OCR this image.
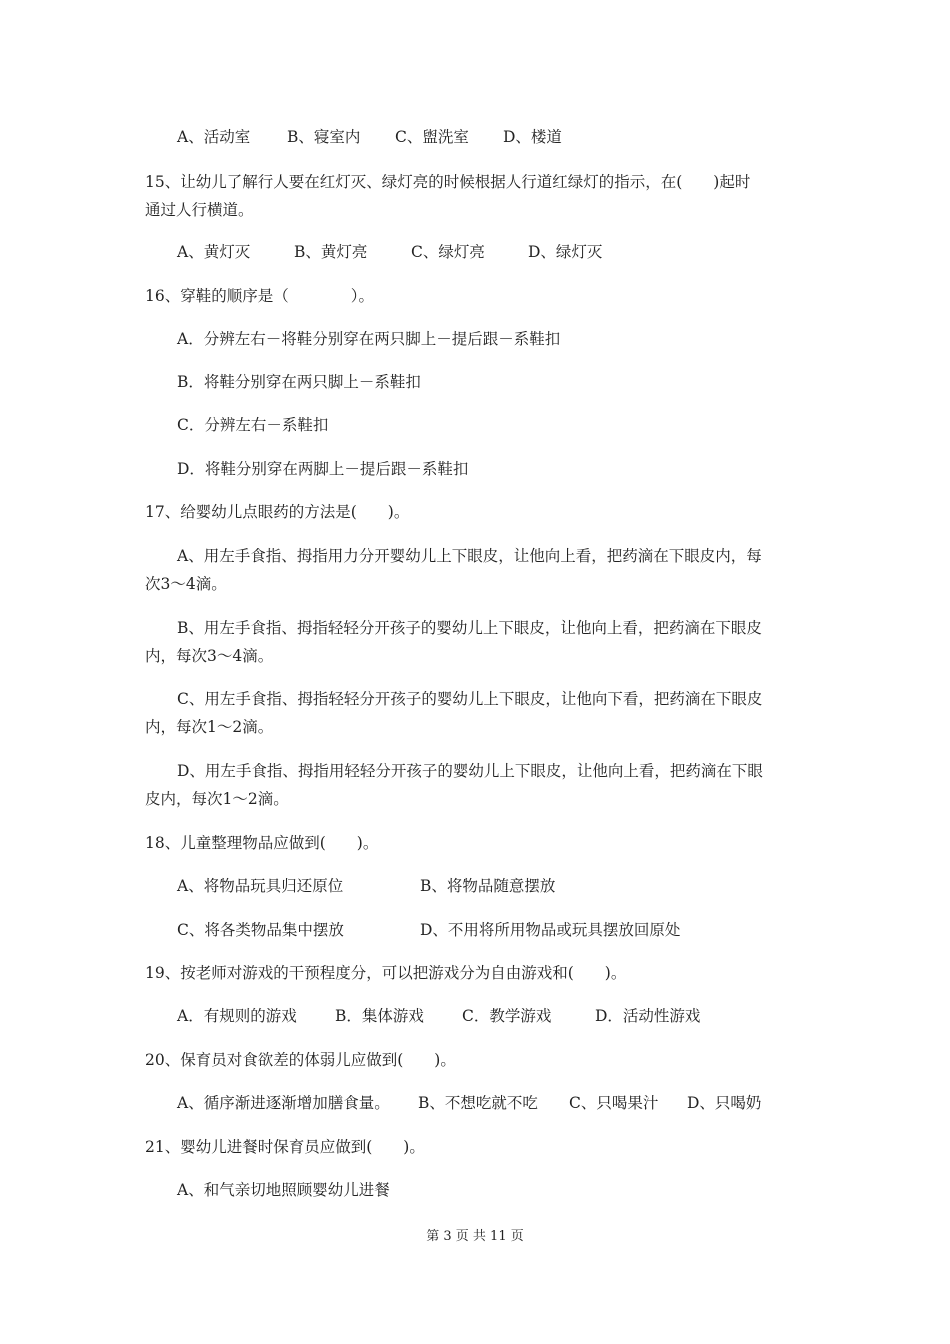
A、活动室 B、寝室内 C、盥洗室 D、楼道
15、让幼儿了解行人要在红灯灭、绿灯亮的时候根据人行道红绿灯的指示，在(　　)起时
通过人行横道。
A、黄灯灭	B、黄灯亮	C、绿灯亮	D、绿灯灭
16、穿鞋的顺序是（　　　　）。
A．分辨左右－将鞋分别穿在两只脚上－提后跟－系鞋扣
B．将鞋分别穿在两只脚上－系鞋扣
C．分辨左右－系鞋扣
D．将鞋分别穿在两脚上－提后跟－系鞋扣
17、给婴幼儿点眼药的方法是(　　)。
A、用左手食指、拇指用力分开婴幼儿上下眼皮，让他向上看，把药滴在下眼皮内，每
次3～4滴。
B、用左手食指、拇指轻轻分开孩子的婴幼儿上下眼皮，让他向上看，把药滴在下眼皮
内，每次3～4滴。
C、用左手食指、拇指轻轻分开孩子的婴幼儿上下眼皮，让他向下看，把药滴在下眼皮
内，每次1～2滴。
D、用左手食指、拇指用轻轻分开孩子的婴幼儿上下眼皮，让他向上看，把药滴在下眼
皮内，每次1～2滴。
18、儿童整理物品应做到(　　)。
A、将物品玩具归还原位	B、将物品随意摆放
C、将各类物品集中摆放	D、不用将所用物品或玩具摆放回原处
19、按老师对游戏的干预程度分，可以把游戏分为自由游戏和(　　)。
A．有规则的游戏 B．集体游戏 C．教学游戏	D．活动性游戏
20、保育员对食欲差的体弱儿应做到(　　)。
A、循序渐进逐渐增加膳食量。 B、不想吃就不吃 C、只喝果汁 D、只喝奶
21、婴幼儿进餐时保育员应做到(　　)。
A、和气亲切地照顾婴幼儿进餐
第 3 页 共 11 页
